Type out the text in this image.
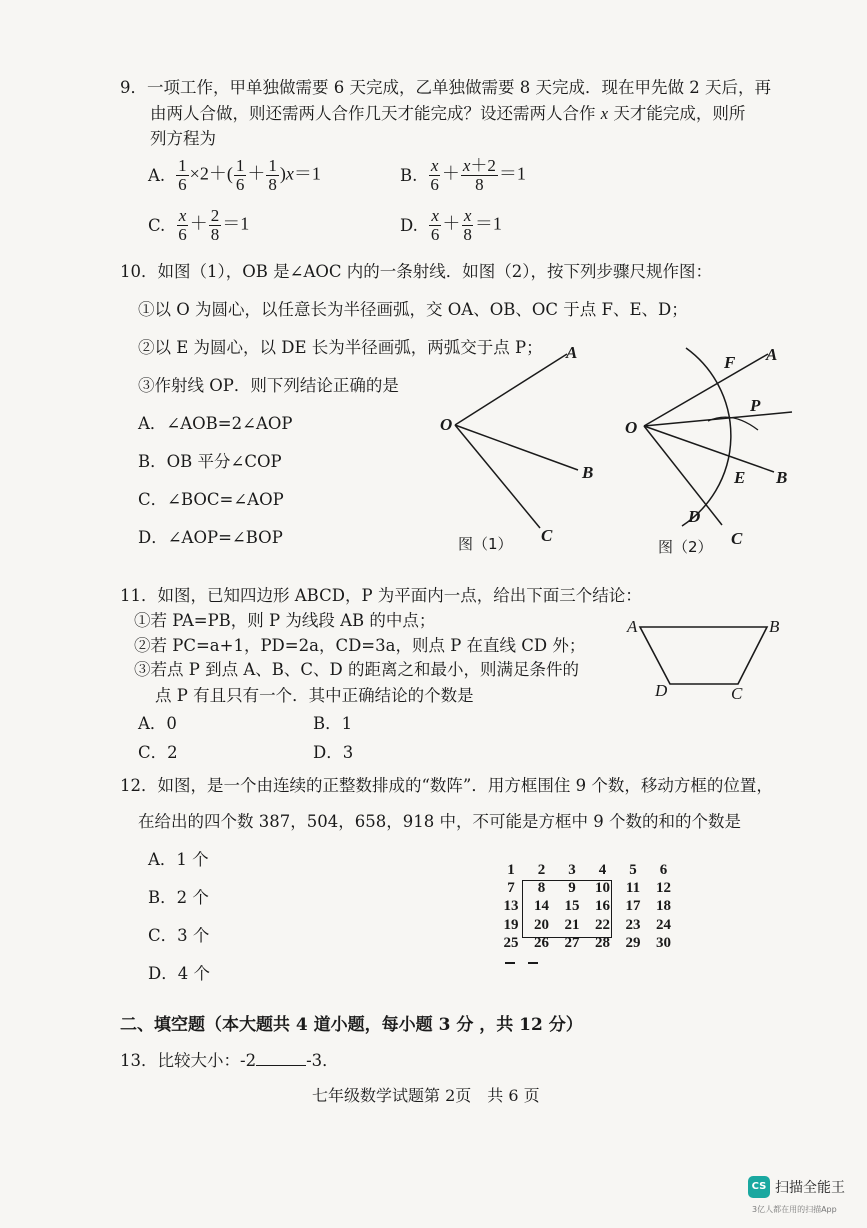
9．一项工作，甲单独做需要 6 天完成，乙单独做需要 8 天完成．现在甲先做 2 天后，再
由两人合做，则还需两人合作几天才能完成？设还需两人合作 x 天才能完成，则所
列方程为
A. $\frac{1}{6} \times 2+( \frac{1}{6} + \frac{1}{8} )x=1$	B. $\frac{x}{6} + \frac{x+2}{8} =1$
C. $\frac{x}{6} + \frac{2}{8} =1$	D. $\frac{x}{6} + \frac{x}{8} =1$
10．如图（1），OB 是∠AOC 内的一条射线．如图（2），按下列步骤尺规作图：
①以 O 为圆心，以任意长为半径画弧，交 OA、OB、OC 于点 F、E、D；
②以 E 为圆心，以 DE 长为半径画弧，两弧交于点 P；
③作射线 OP．则下列结论正确的是
A．∠AOB=2∠AOP
B．OB 平分∠COP
C．∠BOC=∠AOP
D．∠AOP=∠BOP
O
A
B
C
图（1）
O
A
F
P
E B
D
C
图（2）
11．如图，已知四边形 ABCD，P 为平面内一点，给出下面三个结论：
①若 PA=PB，则 P 为线段 AB 的中点；
②若 PC=a+1，PD=2a，CD=3a，则点 P 在直线 CD 外；
③若点 P 到点 A、B、C、D 的距离之和最小，则满足条件的
点 P 有且只有一个．其中正确结论的个数是
A．0	B．1
C．2	D．3
A	B
C
D
12．如图，是一个由连续的正整数排成的“数阵”．用方框围住 9 个数，移动方框的位置，
在给出的四个数 387，504，658，918 中，不可能是方框中 9 个数的和的个数是
A．1 个
B．2 个
C．3 个
D．4 个
1	2	3	4	5	6
7	8	9	10	11	12
13	14	15	16	17	18
19	20	21	22	23	24
25	26	27	28	29	30
二、填空题（本大题共 4 道小题，每小题 3 分 ，共 12 分）
13．比较大小：-2	-3．
七年级数学试题第 2页　共 6 页
CS 扫描全能王
3亿人都在用的扫描App
